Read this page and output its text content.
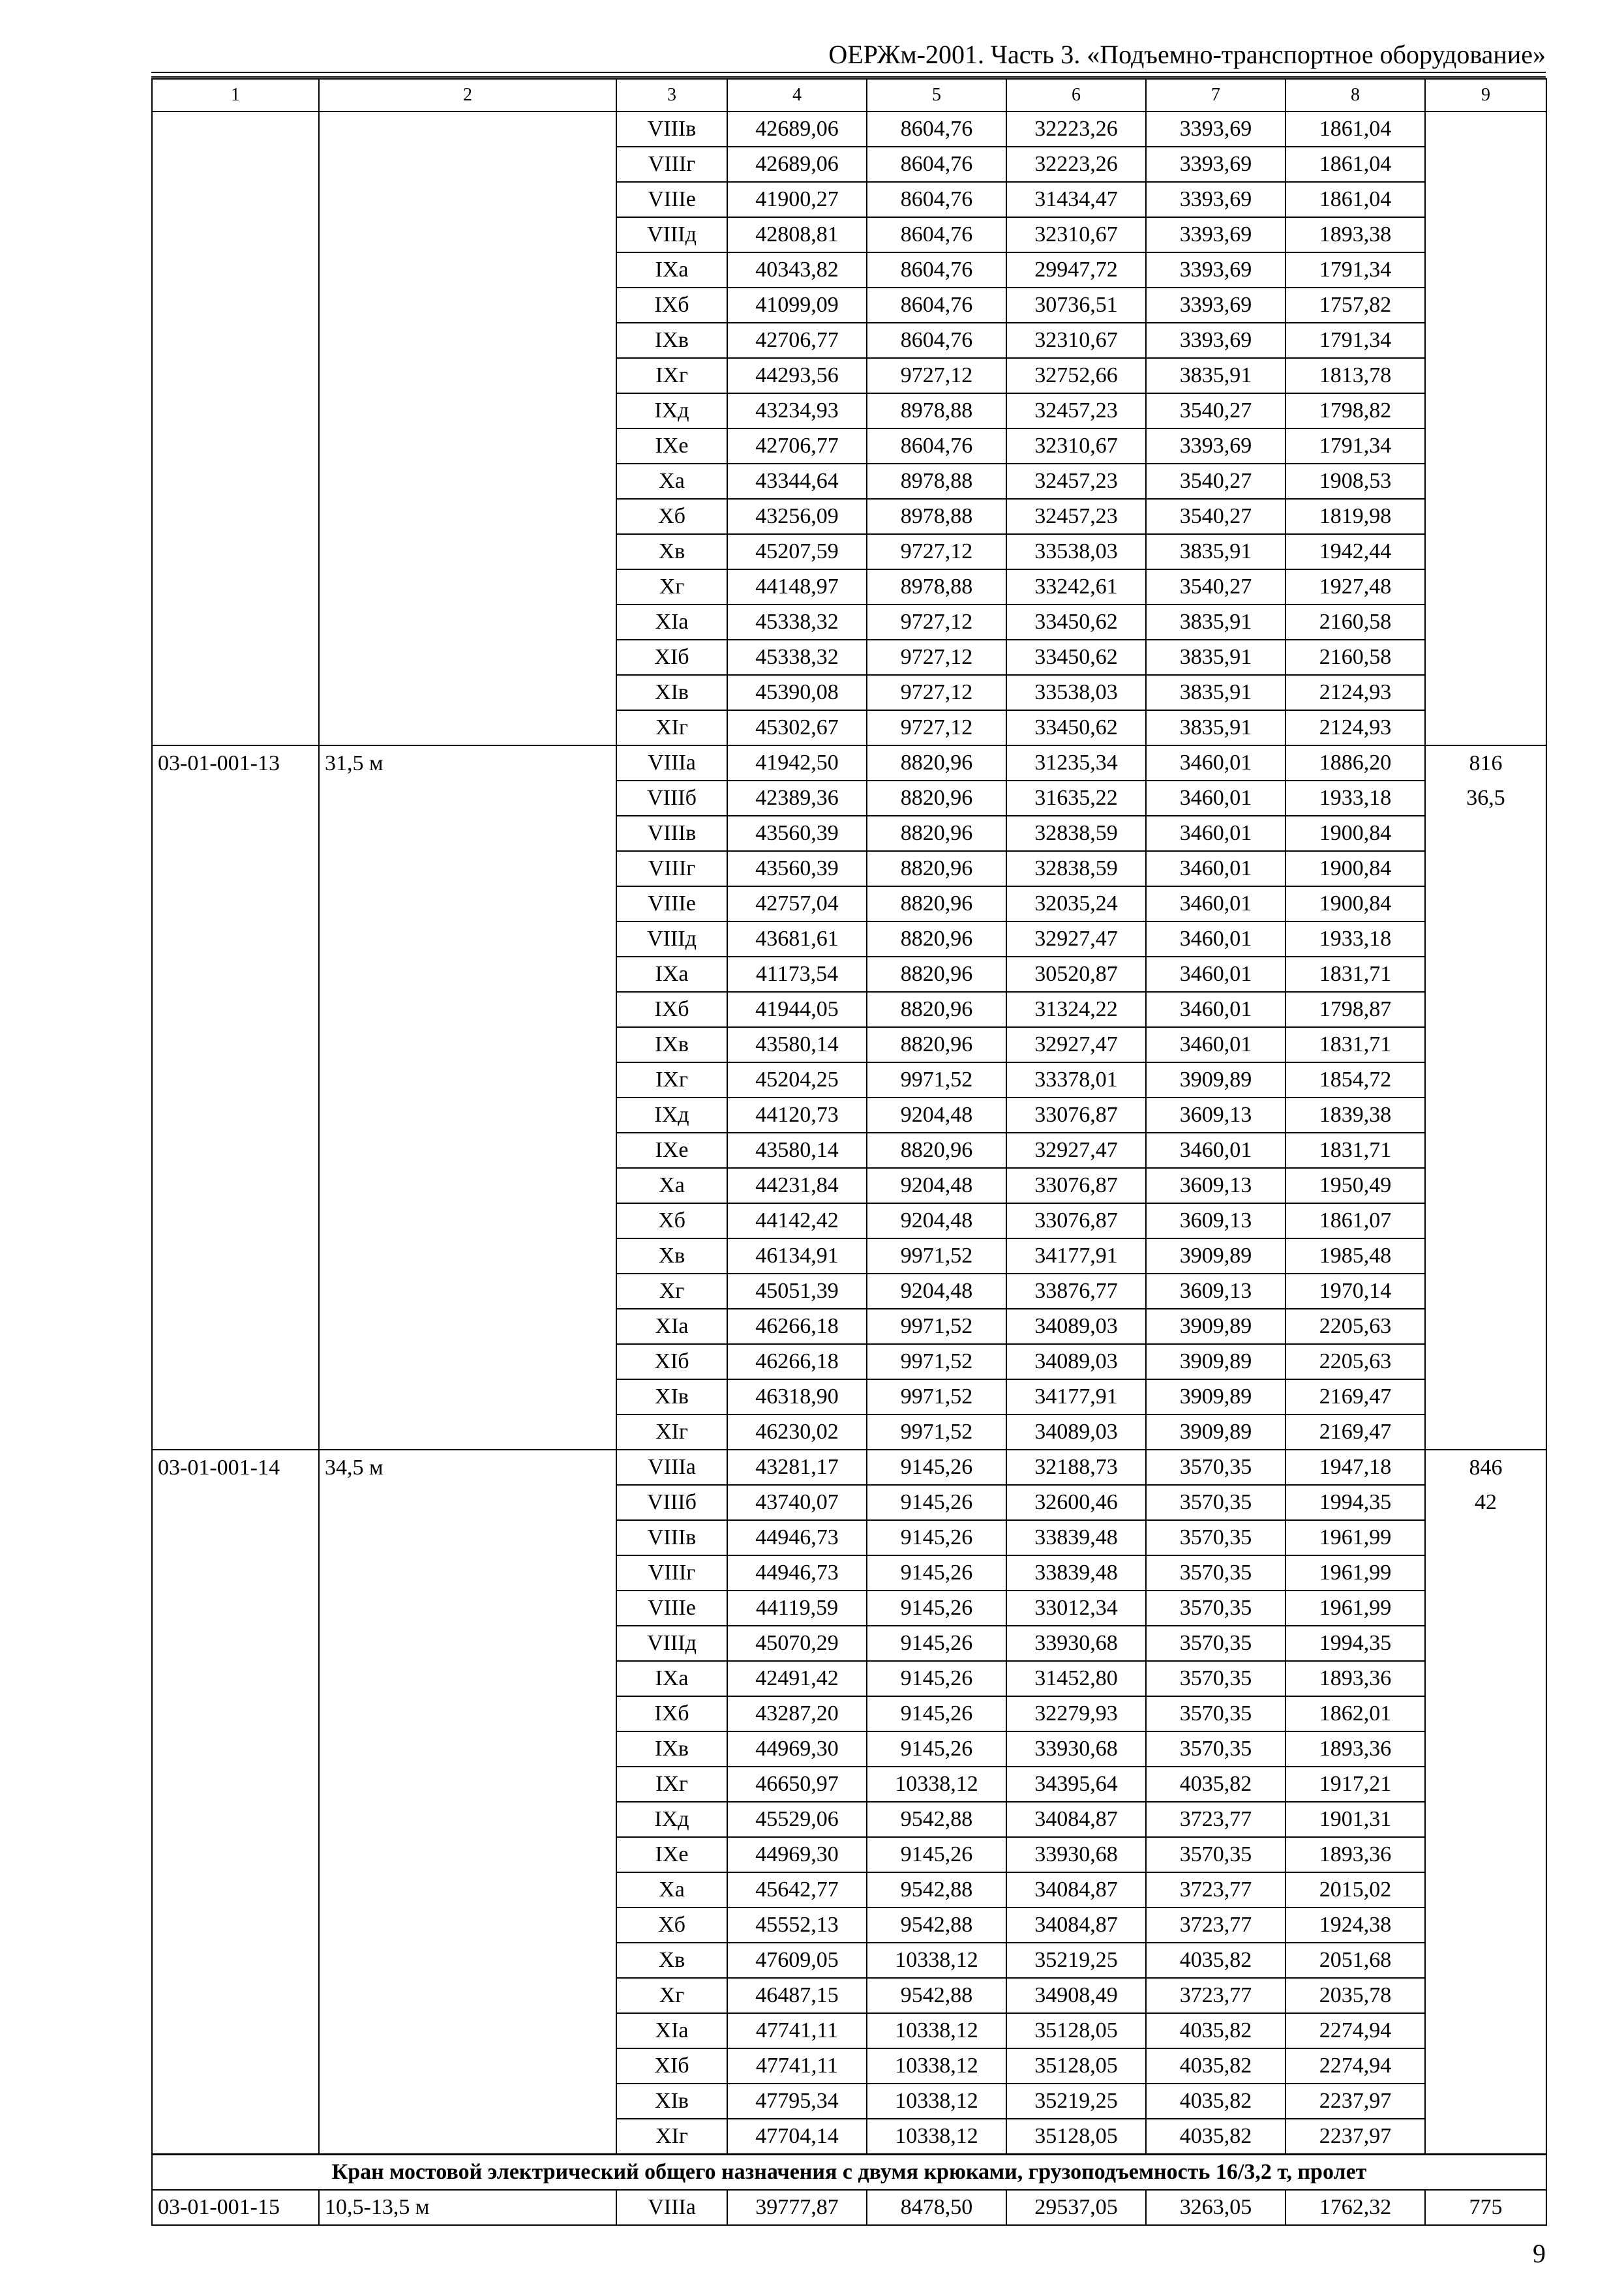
ОЕРЖм-2001. Часть 3. «Подъемно-транспортное оборудование»
1	2	3	4	5	6	7	8	9
		VIIIв	42689,06	8604,76	32223,26	3393,69	1861,04	
		VIIIг	42689,06	8604,76	32223,26	3393,69	1861,04	
		VIIIе	41900,27	8604,76	31434,47	3393,69	1861,04	
		VIIIд	42808,81	8604,76	32310,67	3393,69	1893,38	
		IXа	40343,82	8604,76	29947,72	3393,69	1791,34	
		IXб	41099,09	8604,76	30736,51	3393,69	1757,82	
		IXв	42706,77	8604,76	32310,67	3393,69	1791,34	
		IXг	44293,56	9727,12	32752,66	3835,91	1813,78	
		IXд	43234,93	8978,88	32457,23	3540,27	1798,82	
		IXе	42706,77	8604,76	32310,67	3393,69	1791,34	
		Xа	43344,64	8978,88	32457,23	3540,27	1908,53	
		Xб	43256,09	8978,88	32457,23	3540,27	1819,98	
		Xв	45207,59	9727,12	33538,03	3835,91	1942,44	
		Xг	44148,97	8978,88	33242,61	3540,27	1927,48	
		XIа	45338,32	9727,12	33450,62	3835,91	2160,58	
		XIб	45338,32	9727,12	33450,62	3835,91	2160,58	
		XIв	45390,08	9727,12	33538,03	3835,91	2124,93	
		XIг	45302,67	9727,12	33450,62	3835,91	2124,93	
03-01-001-13	31,5 м	VIIIа	41942,50	8820,96	31235,34	3460,01	1886,20	816
		VIIIб	42389,36	8820,96	31635,22	3460,01	1933,18	36,5
		VIIIв	43560,39	8820,96	32838,59	3460,01	1900,84	
		VIIIг	43560,39	8820,96	32838,59	3460,01	1900,84	
		VIIIе	42757,04	8820,96	32035,24	3460,01	1900,84	
		VIIIд	43681,61	8820,96	32927,47	3460,01	1933,18	
		IXа	41173,54	8820,96	30520,87	3460,01	1831,71	
		IXб	41944,05	8820,96	31324,22	3460,01	1798,87	
		IXв	43580,14	8820,96	32927,47	3460,01	1831,71	
		IXг	45204,25	9971,52	33378,01	3909,89	1854,72	
		IXд	44120,73	9204,48	33076,87	3609,13	1839,38	
		IXе	43580,14	8820,96	32927,47	3460,01	1831,71	
		Xа	44231,84	9204,48	33076,87	3609,13	1950,49	
		Xб	44142,42	9204,48	33076,87	3609,13	1861,07	
		Xв	46134,91	9971,52	34177,91	3909,89	1985,48	
		Xг	45051,39	9204,48	33876,77	3609,13	1970,14	
		XIа	46266,18	9971,52	34089,03	3909,89	2205,63	
		XIб	46266,18	9971,52	34089,03	3909,89	2205,63	
		XIв	46318,90	9971,52	34177,91	3909,89	2169,47	
		XIг	46230,02	9971,52	34089,03	3909,89	2169,47	
03-01-001-14	34,5 м	VIIIа	43281,17	9145,26	32188,73	3570,35	1947,18	846
		VIIIб	43740,07	9145,26	32600,46	3570,35	1994,35	42
		VIIIв	44946,73	9145,26	33839,48	3570,35	1961,99	
		VIIIг	44946,73	9145,26	33839,48	3570,35	1961,99	
		VIIIе	44119,59	9145,26	33012,34	3570,35	1961,99	
		VIIIд	45070,29	9145,26	33930,68	3570,35	1994,35	
		IXа	42491,42	9145,26	31452,80	3570,35	1893,36	
		IXб	43287,20	9145,26	32279,93	3570,35	1862,01	
		IXв	44969,30	9145,26	33930,68	3570,35	1893,36	
		IXг	46650,97	10338,12	34395,64	4035,82	1917,21	
		IXд	45529,06	9542,88	34084,87	3723,77	1901,31	
		IXе	44969,30	9145,26	33930,68	3570,35	1893,36	
		Xа	45642,77	9542,88	34084,87	3723,77	2015,02	
		Xб	45552,13	9542,88	34084,87	3723,77	1924,38	
		Xв	47609,05	10338,12	35219,25	4035,82	2051,68	
		Xг	46487,15	9542,88	34908,49	3723,77	2035,78	
		XIа	47741,11	10338,12	35128,05	4035,82	2274,94	
		XIб	47741,11	10338,12	35128,05	4035,82	2274,94	
		XIв	47795,34	10338,12	35219,25	4035,82	2237,97	
		XIг	47704,14	10338,12	35128,05	4035,82	2237,97	
Кран мостовой электрический общего назначения с двумя крюками, грузоподъемность 16/3,2 т, пролет								
03-01-001-15	10,5-13,5 м	VIIIа	39777,87	8478,50	29537,05	3263,05	1762,32	775
9
